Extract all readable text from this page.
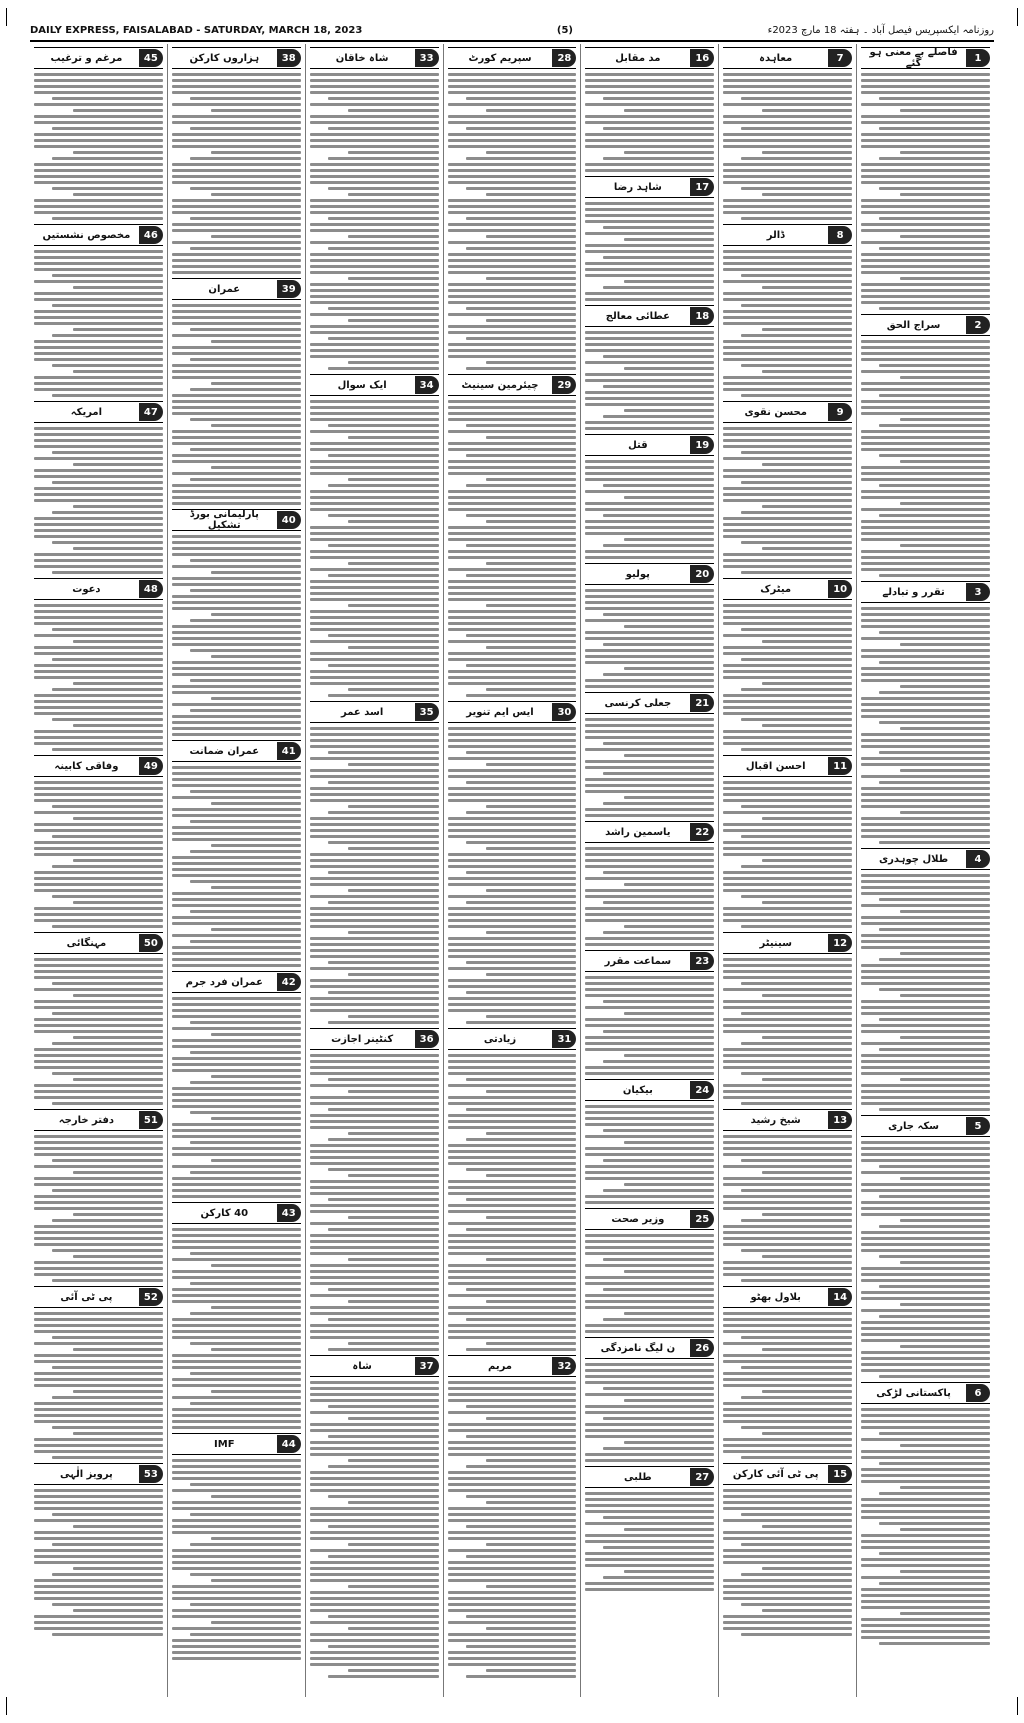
DAILY EXPRESS, FAISALABAD - SATURDAY, MARCH 18, 2023	(5)	روزنامہ ایکسپریس فیصل آباد ۔ ہفتہ 18 مارچ 2023ء
1
فاصلے بے معنی ہو گئے
2
سراج الحق
3
تقرر و تبادلے
4
طلال چوہدری
5
سکہ جاری
6
پاکستانی لڑکی
7
معاہدہ
8
ڈالر
9
محسن نقوی
10
میٹرک
11
احسن اقبال
12
سینیٹر
13
شیخ رشید
14
بلاول بھٹو
15
پی ٹی آئی کارکن
16
مد مقابل
17
شاہد رضا
18
عطائی معالج
19
قتل
20
پولیو
21
جعلی کرنسی
22
یاسمین راشد
23
سماعت مقرر
24
بیکیان
25
وزیر صحت
26
ن لیگ نامزدگی
27
طلبی
28
سپریم کورٹ
29
چیئرمین سینیٹ
30
ایس ایم تنویر
31
زیادتی
32
مریم
33
شاہ خاقان
34
ایک سوال
35
اسد عمر
36
کنٹینر اجازت
37
شاہ
38
ہزاروں کارکن
39
عمران
40
پارلیمانی بورڈ تشکیل
41
عمران ضمانت
42
عمران فرد جرم
43
40 کارکن
44
IMF
45
مرغم و ترغیب
46
مخصوص نشستیں
47
امریکہ
48
دعوت
49
وفاقی کابینہ
50
مہنگائی
51
دفتر خارجہ
52
پی ٹی آئی
53
پرویز الٰہی
